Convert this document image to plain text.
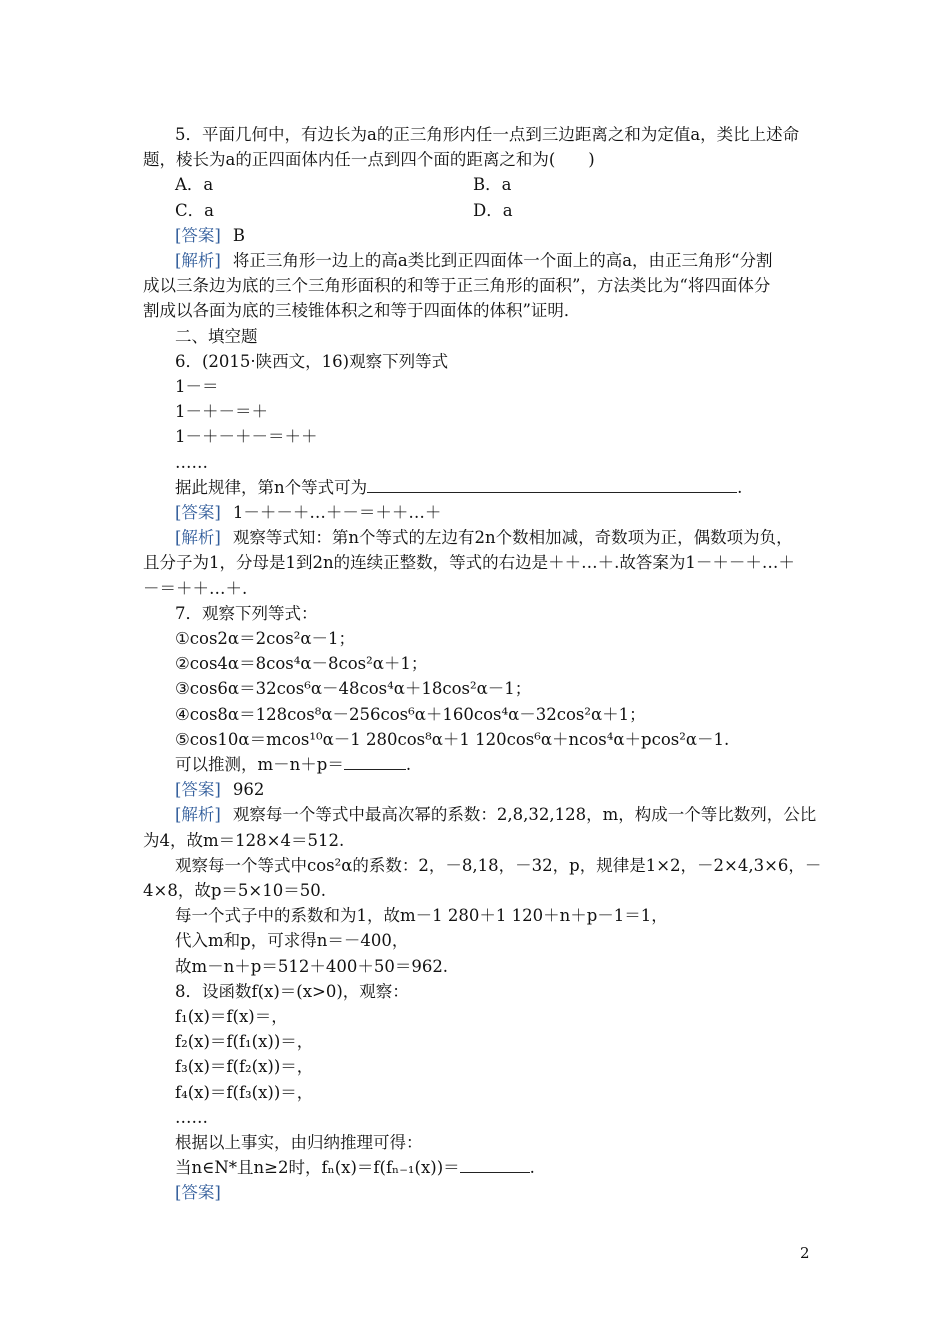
5．平面几何中，有边长为a的正三角形内任一点到三边距离之和为定值a，类比上述命
题，棱长为a的正四面体内任一点到四个面的距离之和为(　　)
A．a	B．a
C．a	D．a
[答案] B
[解析] 将正三角形一边上的高a类比到正四面体一个面上的高a，由正三角形“分割
成以三条边为底的三个三角形面积的和等于正三角形的面积”，方法类比为“将四面体分
割成以各面为底的三棱锥体积之和等于四面体的体积”证明．
二、填空题
6．(2015·陕西文，16)观察下列等式
1－＝
1－＋－＝＋
1－＋－＋－＝＋＋
……
据此规律，第n个等式可为	.
[答案] 1－＋－＋…＋－＝＋＋…＋
[解析] 观察等式知：第n个等式的左边有2n个数相加减，奇数项为正，偶数项为负，
且分子为1，分母是1到2n的连续正整数，等式的右边是＋＋…＋.故答案为1－＋－＋…＋
－＝＋＋…＋.
7．观察下列等式：
①cos2α＝2cos²α－1；
②cos4α＝8cos⁴α－8cos²α＋1；
③cos6α＝32cos⁶α－48cos⁴α＋18cos²α－1；
④cos8α＝128cos⁸α－256cos⁶α＋160cos⁴α－32cos²α＋1；
⑤cos10α＝mcos¹⁰α－1 280cos⁸α＋1 120cos⁶α＋ncos⁴α＋pcos²α－1.
可以推测，m－n＋p＝	.
[答案] 962
[解析] 观察每一个等式中最高次幂的系数：2,8,32,128，m，构成一个等比数列，公比
为4，故m＝128×4＝512.
观察每一个等式中cos²α的系数：2，－8,18，－32，p，规律是1×2，－2×4,3×6，－
4×8，故p＝5×10＝50.
每一个式子中的系数和为1，故m－1 280＋1 120＋n＋p－1＝1，
代入m和p，可求得n＝－400，
故m－n＋p＝512＋400＋50＝962.
8．设函数f(x)＝(x>0)，观察：
f₁(x)＝f(x)＝，
f₂(x)＝f(f₁(x))＝，
f₃(x)＝f(f₂(x))＝，
f₄(x)＝f(f₃(x))＝，
……
根据以上事实，由归纳推理可得：
当n∈N*且n≥2时，fₙ(x)＝f(fₙ₋₁(x))＝	.
[答案]
2
